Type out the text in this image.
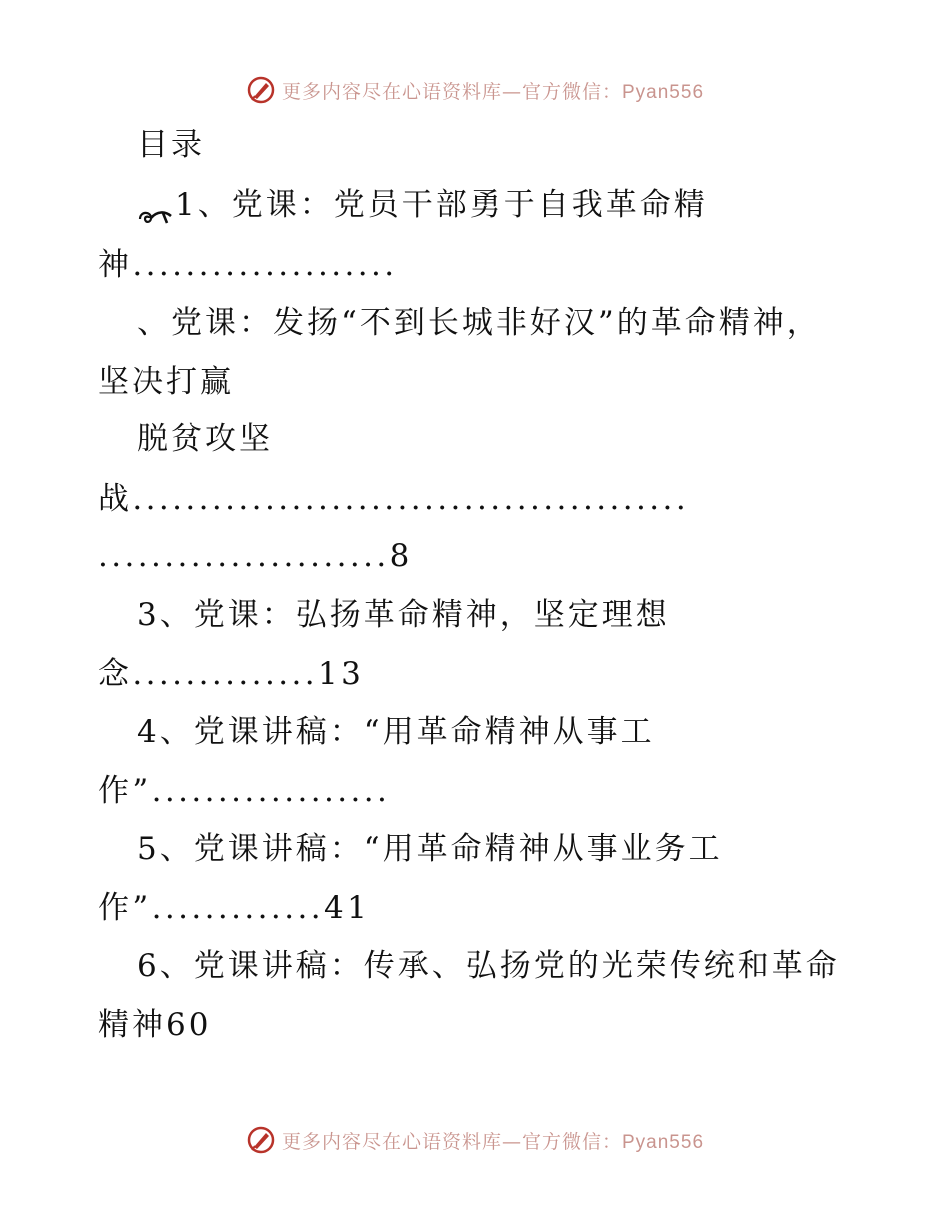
更多内容尽在心语资料库—官方微信：Pyan556
目录
1、党课：党员干部勇于自我革命精
神....................
、党课：发扬“不到长城非好汉”的革命精神，
坚决打赢
脱贫攻坚
战..........................................
......................8
3、党课：弘扬革命精神，坚定理想
念..............13
4、党课讲稿：“用革命精神从事工
作”..................
5、党课讲稿：“用革命精神从事业务工
作”.............41
6、党课讲稿：传承、弘扬党的光荣传统和革命
精神60
更多内容尽在心语资料库—官方微信：Pyan556
